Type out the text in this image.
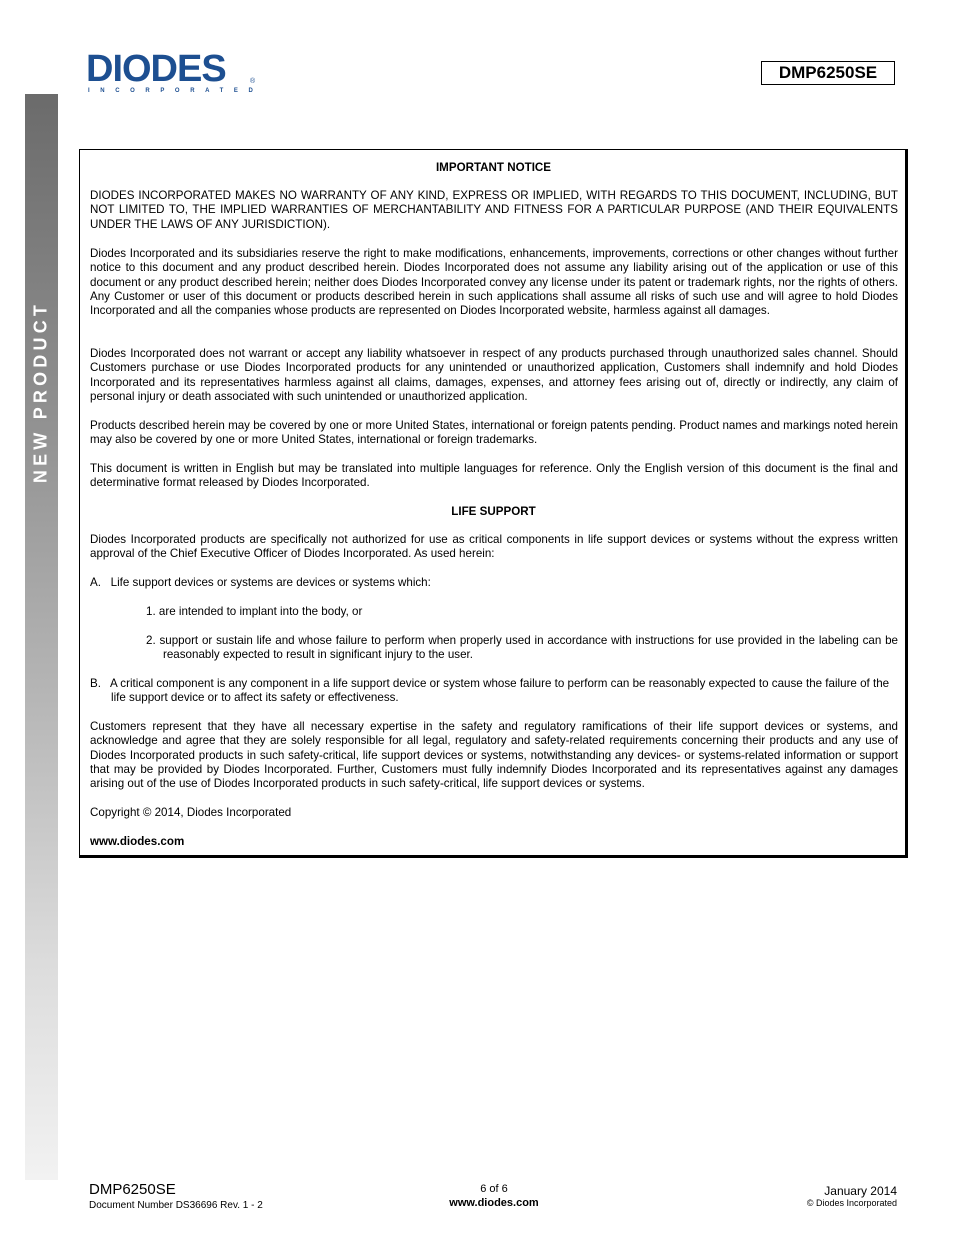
NEW PRODUCT
DIODES	®
INCORPORATED
DMP6250SE
IMPORTANT NOTICE

DIODES INCORPORATED MAKES NO WARRANTY OF ANY KIND, EXPRESS OR IMPLIED, WITH REGARDS TO THIS DOCUMENT, INCLUDING, BUT NOT LIMITED TO, THE IMPLIED WARRANTIES OF MERCHANTABILITY AND FITNESS FOR A PARTICULAR PURPOSE (AND THEIR EQUIVALENTS UNDER THE LAWS OF ANY JURISDICTION).

Diodes Incorporated and its subsidiaries reserve the right to make modifications, enhancements, improvements, corrections or other changes without further notice to this document and any product described herein. Diodes Incorporated does not assume any liability arising out of the application or use of this document or any product described herein; neither does Diodes Incorporated convey any license under its patent or trademark rights, nor the rights of others. Any Customer or user of this document or products described herein in such applications shall assume all risks of such use and will agree to hold Diodes Incorporated and all the companies whose products are represented on Diodes Incorporated website, harmless against all damages.

Diodes Incorporated does not warrant or accept any liability whatsoever in respect of any products purchased through unauthorized sales channel. Should Customers purchase or use Diodes Incorporated products for any unintended or unauthorized application, Customers shall indemnify and hold Diodes Incorporated and its representatives harmless against all claims, damages, expenses, and attorney fees arising out of, directly or indirectly, any claim of personal injury or death associated with such unintended or unauthorized application.

Products described herein may be covered by one or more United States, international or foreign patents pending. Product names and markings noted herein may also be covered by one or more United States, international or foreign trademarks.

This document is written in English but may be translated into multiple languages for reference. Only the English version of this document is the final and determinative format released by Diodes Incorporated.

LIFE SUPPORT

Diodes Incorporated products are specifically not authorized for use as critical components in life support devices or systems without the express written approval of the Chief Executive Officer of Diodes Incorporated. As used herein:

A.   Life support devices or systems are devices or systems which:

1. are intended to implant into the body, or

2. support or sustain life and whose failure to perform when properly used in accordance with instructions for use provided in the labeling can be reasonably expected to result in significant injury to the user.

B.   A critical component is any component in a life support device or system whose failure to perform can be reasonably expected to cause the failure of the life support device or to affect its safety or effectiveness.

Customers represent that they have all necessary expertise in the safety and regulatory ramifications of their life support devices or systems, and acknowledge and agree that they are solely responsible for all legal, regulatory and safety-related requirements concerning their products and any use of Diodes Incorporated products in such safety-critical, life support devices or systems, notwithstanding any devices- or systems-related information or support that may be provided by Diodes Incorporated. Further, Customers must fully indemnify Diodes Incorporated and its representatives against any damages arising out of the use of Diodes Incorporated products in such safety-critical, life support devices or systems.

Copyright © 2014, Diodes Incorporated

www.diodes.com

DMP6250SE
Document Number DS36696 Rev. 1 - 2
6 of 6
www.diodes.com
January 2014
© Diodes Incorporated
